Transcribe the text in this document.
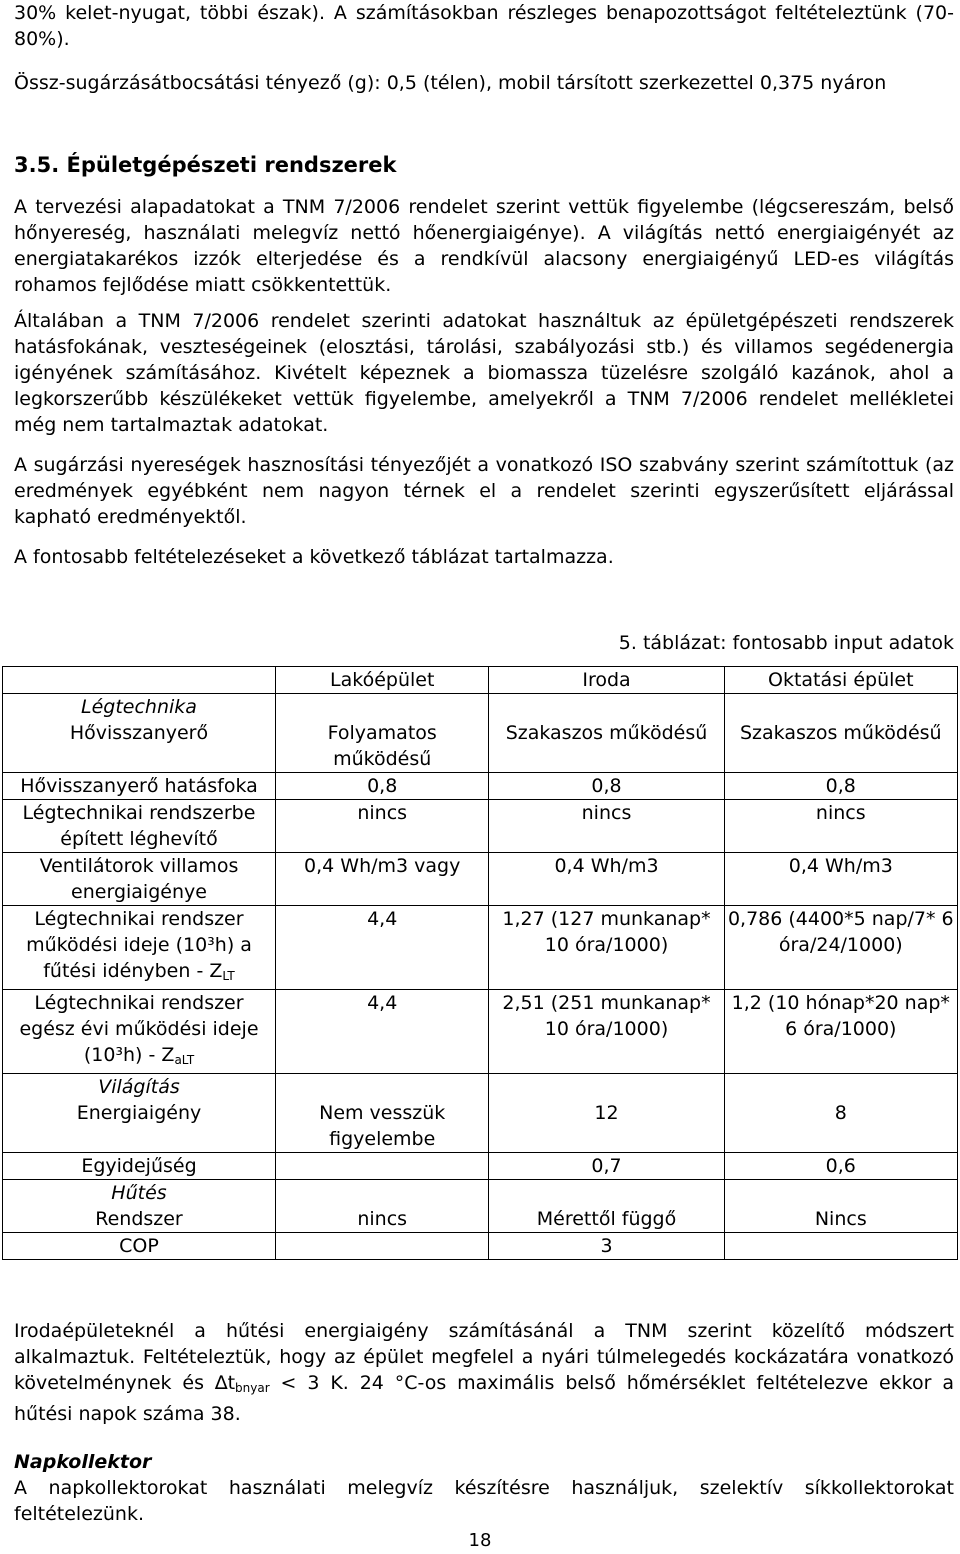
30% kelet-nyugat, többi észak). A számításokban részleges benapozottságot feltételeztünk (70-80%).

Össz-sugárzásátbocsátási tényező (g): 0,5 (télen), mobil társított szerkezettel 0,375 nyáron

3.5. Épületgépészeti rendszerek

A tervezési alapadatokat a TNM 7/2006 rendelet szerint vettük figyelembe (légcsereszám, belső hőnyereség, használati melegvíz nettó hőenergiaigénye). A világítás nettó energiaigényét az energiatakarékos izzók elterjedése és a rendkívül alacsony energiaigényű LED-es világítás rohamos fejlődése miatt csökkentettük.

Általában a TNM 7/2006 rendelet szerinti adatokat használtuk az épületgépészeti rendszerek hatásfokának, veszteségeinek (elosztási, tárolási, szabályozási stb.) és villamos segédenergia igényének számításához. Kivételt képeznek a biomassza tüzelésre szolgáló kazánok, ahol a legkorszerűbb készülékeket vettük figyelembe, amelyekről a TNM 7/2006 rendelet mellékletei még nem tartalmaztak adatokat.

A sugárzási nyereségek hasznosítási tényezőjét a vonatkozó ISO szabvány szerint számítottuk (az eredmények egyébként nem nagyon térnek el a rendelet szerinti egyszerűsített eljárással kapható eredményektől.

A fontosabb feltételezéseket a következő táblázat tartalmazza.

5. táblázat: fontosabb input adatok

	Lakóépület	Iroda	Oktatási épület
Légtechnika			
Hővisszanyerő	Folyamatos működésű	Szakaszos működésű	Szakaszos működésű
Hővisszanyerő hatásfoka	0,8	0,8	0,8
Légtechnikai rendszerbe épített léghevítő	nincs	nincs	nincs
Ventilátorok villamos energiaigénye	0,4 Wh/m3 vagy	0,4 Wh/m3	0,4 Wh/m3
Légtechnikai rendszer működési ideje (10³h) a fűtési idényben - $Z_{LT}$	4,4	1,27 (127 munkanap* 10 óra/1000)	0,786 (4400*5 nap/7* 6 óra/24/1000)
Légtechnikai rendszer egész évi működési ideje $(10^3h) - Z_{aLT}$	4,4	2,51 (251 munkanap* 10 óra/1000)	1,2 (10 hónap*20 nap* 6 óra/1000)
Világítás			
Energiaigény	Nem vesszük figyelembe	12	8
Egyidejűség		0,7	0,6
Hűtés			
Rendszer	nincs	Mérettől függő	Nincs
COP		3	

Irodaépületeknél a hűtési energiaigény számításánál a TNM szerint közelítő módszert alkalmaztuk. Feltételeztük, hogy az épület megfelel a nyári túlmelegedés kockázatára vonatkozó követelménynek és $\Delta t_{bnyar} < 3$ K. 24 °C-os maximális belső hőmérséklet feltételezve ekkor a hűtési napok száma 38.

Napkollektor

A napkollektorokat használati melegvíz készítésre használjuk, szelektív síkkollektorokat feltételezünk.

18
